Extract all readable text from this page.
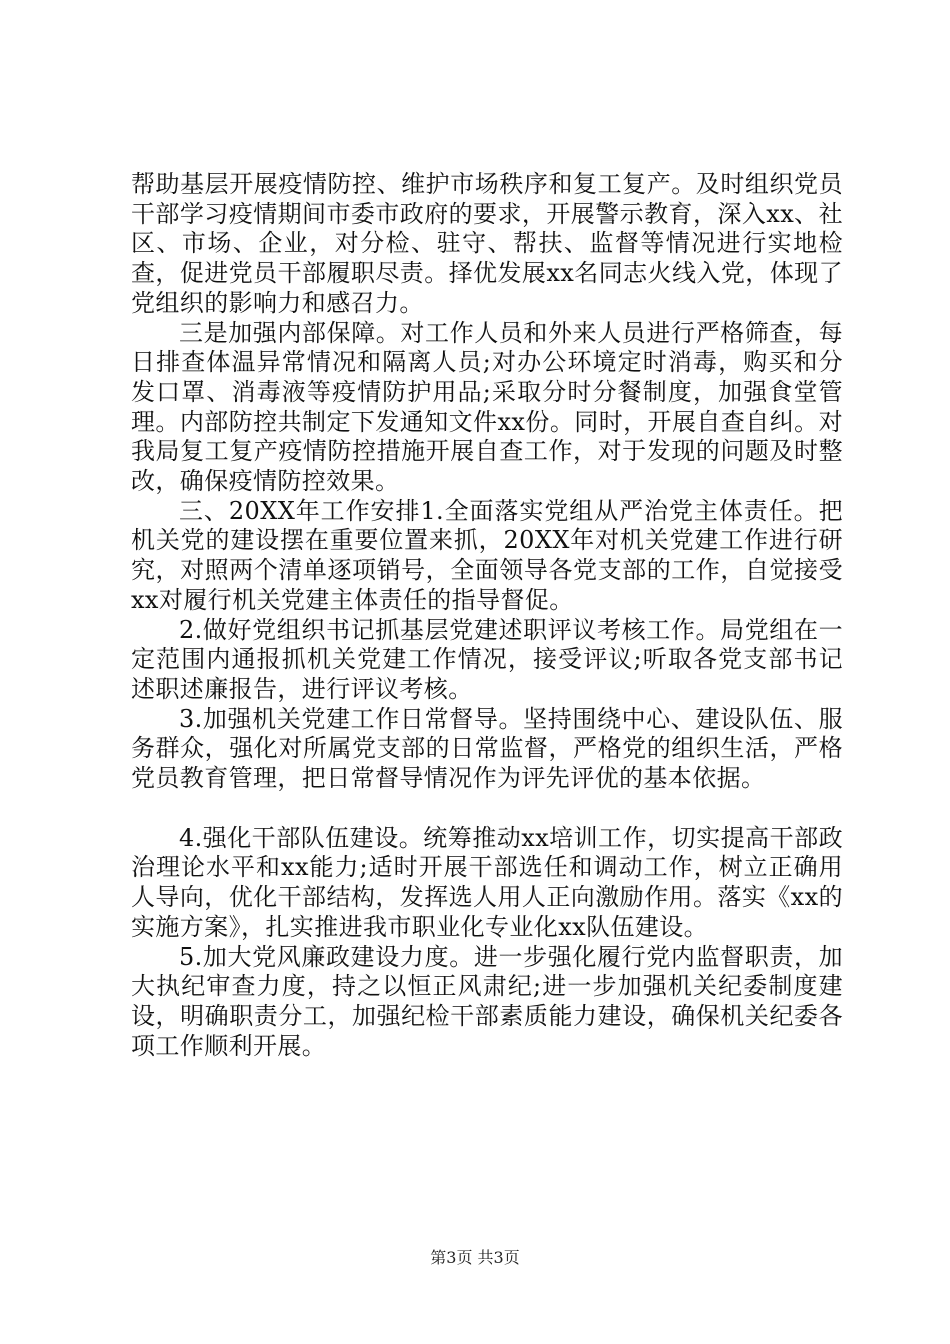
帮助基层开展疫情防控、维护市场秩序和复工复产。及时组织党员干部学习疫情期间市委市政府的要求，开展警示教育，深入xx、社区、市场、企业，对分检、驻守、帮扶、监督等情况进行实地检查，促进党员干部履职尽责。择优发展xx名同志火线入党，体现了党组织的影响力和感召力。

三是加强内部保障。对工作人员和外来人员进行严格筛查，每日排查体温异常情况和隔离人员;对办公环境定时消毒，购买和分发口罩、消毒液等疫情防护用品;采取分时分餐制度，加强食堂管理。内部防控共制定下发通知文件xx份。同时，开展自查自纠。对我局复工复产疫情防控措施开展自查工作，对于发现的问题及时整改，确保疫情防控效果。

三、20XX年工作安排1.全面落实党组从严治党主体责任。把机关党的建设摆在重要位置来抓，20XX年对机关党建工作进行研究，对照两个清单逐项销号，全面领导各党支部的工作，自觉接受xx对履行机关党建主体责任的指导督促。

2.做好党组织书记抓基层党建述职评议考核工作。局党组在一定范围内通报抓机关党建工作情况，接受评议;听取各党支部书记述职述廉报告，进行评议考核。

3.加强机关党建工作日常督导。坚持围绕中心、建设队伍、服务群众，强化对所属党支部的日常监督，严格党的组织生活，严格党员教育管理，把日常督导情况作为评先评优的基本依据。

4.强化干部队伍建设。统筹推动xx培训工作，切实提高干部政治理论水平和xx能力;适时开展干部选任和调动工作，树立正确用人导向，优化干部结构，发挥选人用人正向激励作用。落实《xx的实施方案》，扎实推进我市职业化专业化xx队伍建设。

5.加大党风廉政建设力度。进一步强化履行党内监督职责，加大执纪审查力度，持之以恒正风肃纪;进一步加强机关纪委制度建设，明确职责分工，加强纪检干部素质能力建设，确保机关纪委各项工作顺利开展。

第3页 共3页
